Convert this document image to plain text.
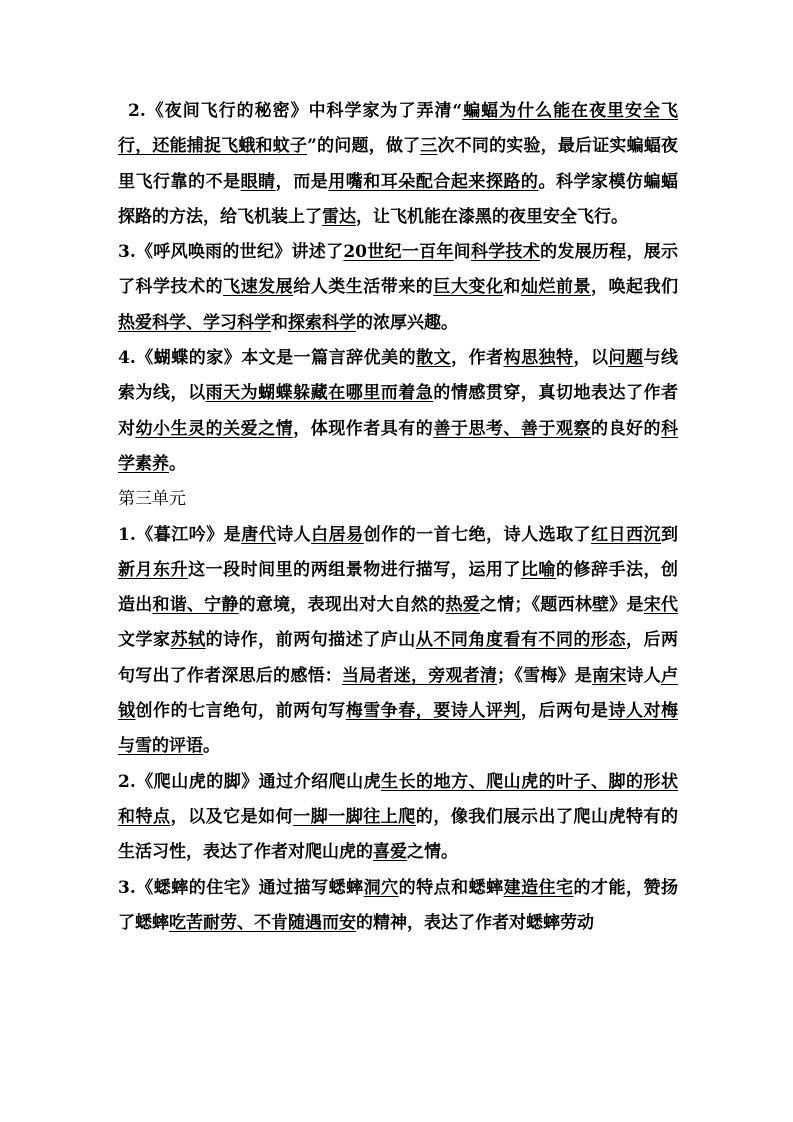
2.《夜间飞行的秘密》中科学家为了弄清“蝙蝠为什么能在夜里安全飞行，还能捕捉飞蛾和蚊子”的问题，做了三次不同的实验，最后证实蝙蝠夜里飞行靠的不是眼睛，而是用嘴和耳朵配合起来探路的。科学家模仿蝙蝠探路的方法，给飞机装上了雷达，让飞机能在漆黑的夜里安全飞行。
3.《呼风唤雨的世纪》讲述了20世纪一百年间科学技术的发展历程，展示了科学技术的飞速发展给人类生活带来的巨大变化和灿烂前景，唤起我们热爱科学、学习科学和探索科学的浓厚兴趣。
4.《蝴蝶的家》本文是一篇言辞优美的散文，作者构思独特，以问题与线索为线，以雨天为蝴蝶躲藏在哪里而着急的情感贯穿，真切地表达了作者对幼小生灵的关爱之情，体现作者具有的善于思考、善于观察的良好的科学素养。
第三单元
1.《暮江吟》是唐代诗人白居易创作的一首七绝，诗人选取了红日西沉到新月东升这一段时间里的两组景物进行描写，运用了比喻的修辞手法，创造出和谐、宁静的意境，表现出对大自然的热爱之情；《题西林壁》是宋代文学家苏轼的诗作，前两句描述了庐山从不同角度看有不同的形态，后两句写出了作者深思后的感悟：当局者迷，旁观者清；《雪梅》是南宋诗人卢钺创作的七言绝句，前两句写梅雪争春，要诗人评判，后两句是诗人对梅与雪的评语。
2.《爬山虎的脚》通过介绍爬山虎生长的地方、爬山虎的叶子、脚的形状和特点，以及它是如何一脚一脚往上爬的，像我们展示出了爬山虎特有的生活习性，表达了作者对爬山虎的喜爱之情。
3.《蟋蟀的住宅》通过描写蟋蟀洞穴的特点和蟋蟀建造住宅的才能，赞扬了蟋蟀吃苦耐劳、不肯随遇而安的精神，表达了作者对蟋蟀劳动
